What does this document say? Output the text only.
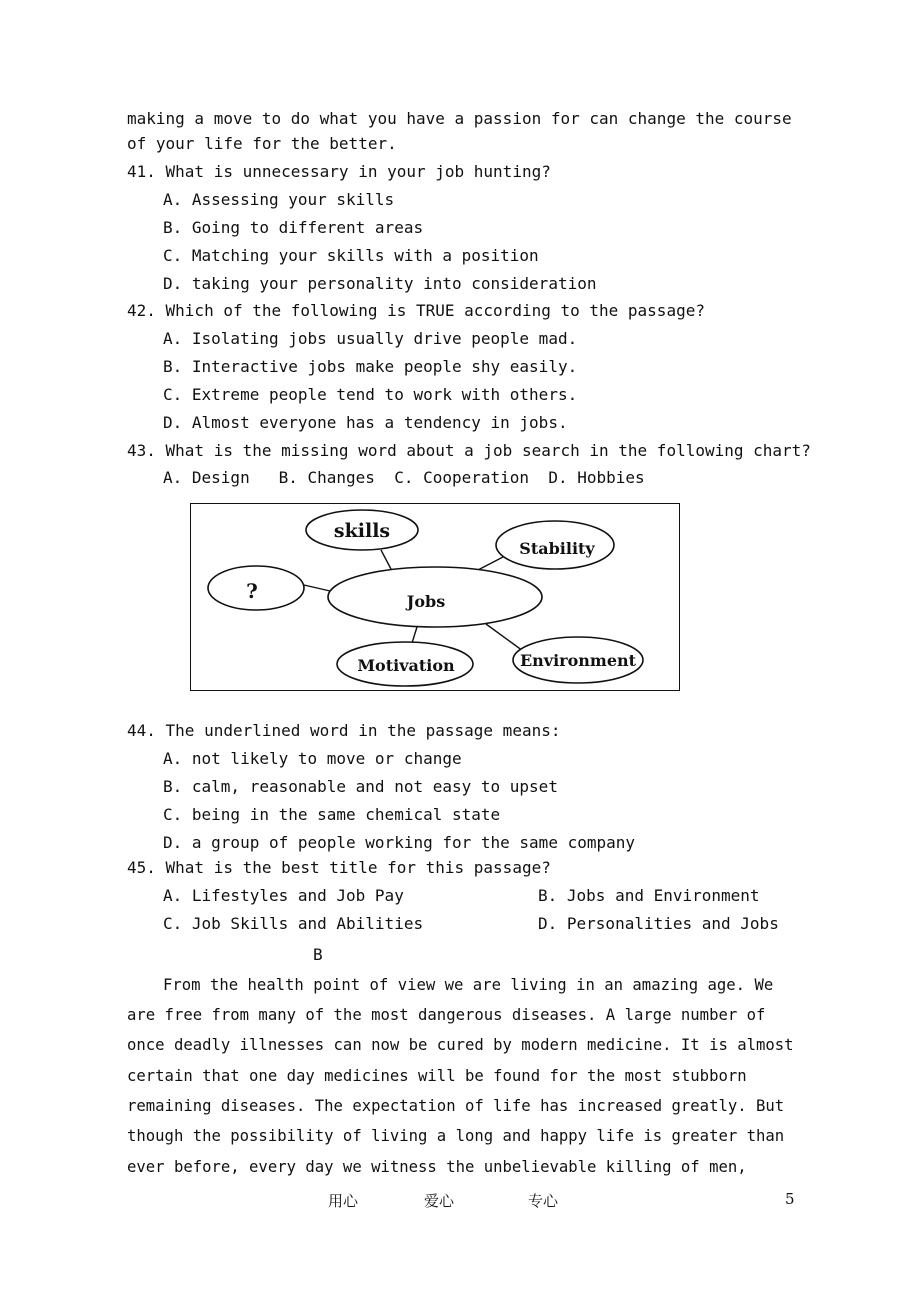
making a move to do what you have a passion for can change the course
of your life for the better.
41. What is unnecessary in your job hunting?
A. Assessing your skills
B. Going to different areas
C. Matching your skills with a position
D. taking your personality into consideration
42. Which of the following is TRUE according to the passage?
A. Isolating jobs usually drive people mad.
B. Interactive jobs make people shy easily.
C. Extreme people tend to work with others.
D. Almost everyone has a tendency in jobs.
43. What is the missing word about a job search in the following chart?
A. Design   B. Changes  C. Cooperation  D. Hobbies
skills
Stability
?	Jobs
Motivation	Environment
44. The underlined word in the passage means:
A. not likely to move or change
B. calm, reasonable and not easy to upset
C. being in the same chemical state
D. a group of people working for the same company
45. What is the best title for this passage?
A. Lifestyles and Job Pay	B. Jobs and Environment
C. Job Skills and Abilities	D. Personalities and Jobs
B
From the health point of view we are living in an amazing age. We
are free from many of the most dangerous diseases. A large number of
once deadly illnesses can now be cured by modern medicine. It is almost
certain that one day medicines will be found for the most stubborn
remaining diseases. The expectation of life has increased greatly. But
though the possibility of living a long and happy life is greater than
ever before, every day we witness the unbelievable killing of men,
用心	爱心	专心	5
